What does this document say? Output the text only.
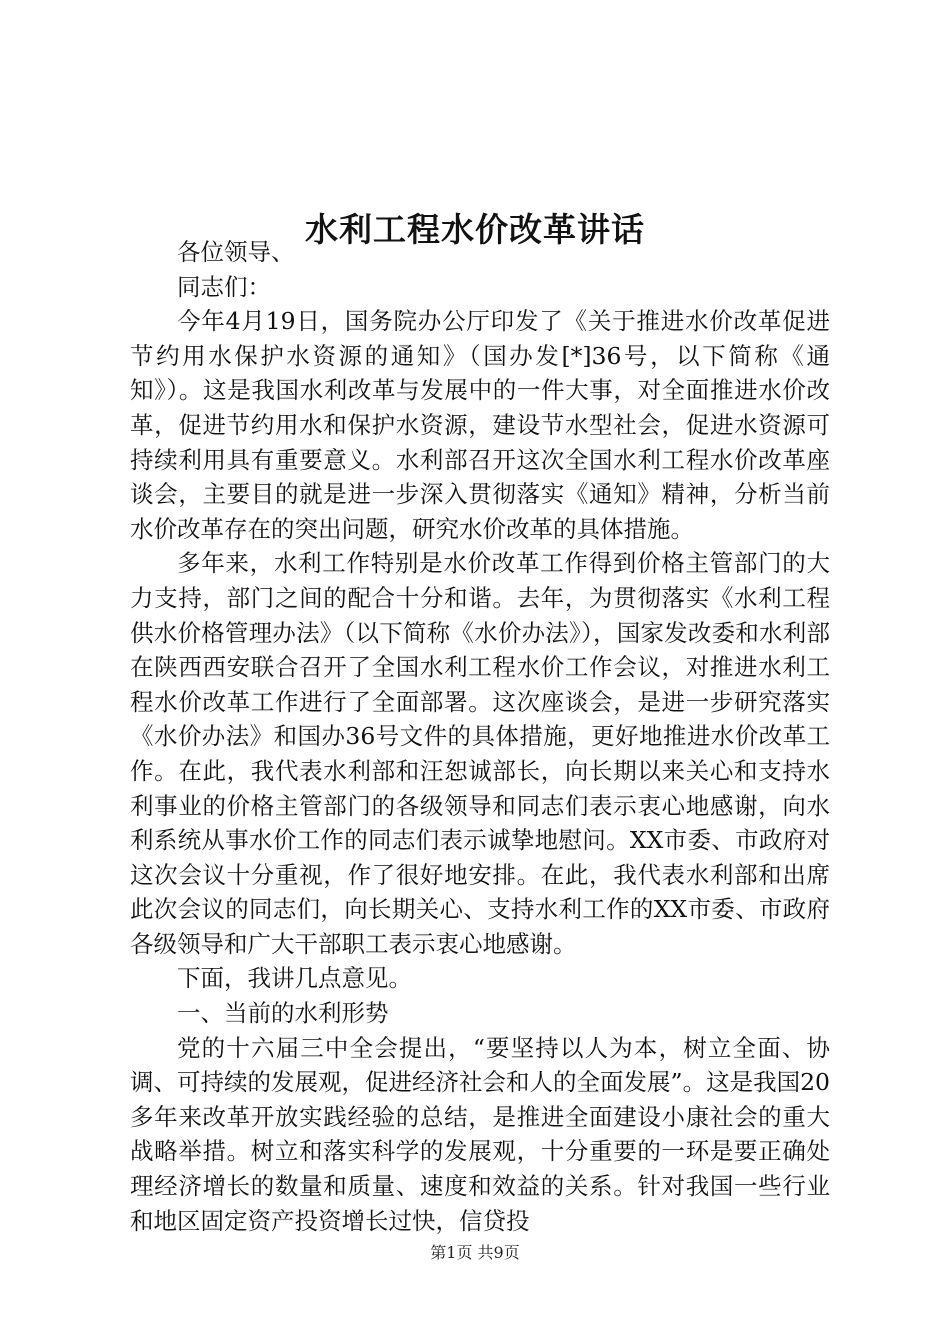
水利工程水价改革讲话

各位领导、

同志们：

今年4月19日，国务院办公厅印发了《关于推进水价改革促进节约用水保护水资源的通知》（国办发[*]36号，以下简称《通知》）。这是我国水利改革与发展中的一件大事，对全面推进水价改革，促进节约用水和保护水资源，建设节水型社会，促进水资源可持续利用具有重要意义。水利部召开这次全国水利工程水价改革座谈会，主要目的就是进一步深入贯彻落实《通知》精神，分析当前水价改革存在的突出问题，研究水价改革的具体措施。

多年来，水利工作特别是水价改革工作得到价格主管部门的大力支持，部门之间的配合十分和谐。去年，为贯彻落实《水利工程供水价格管理办法》（以下简称《水价办法》），国家发改委和水利部在陕西西安联合召开了全国水利工程水价工作会议，对推进水利工程水价改革工作进行了全面部署。这次座谈会，是进一步研究落实《水价办法》和国办36号文件的具体措施，更好地推进水价改革工作。在此，我代表水利部和汪恕诚部长，向长期以来关心和支持水利事业的价格主管部门的各级领导和同志们表示衷心地感谢，向水利系统从事水价工作的同志们表示诚挚地慰问。XX市委、市政府对这次会议十分重视，作了很好地安排。在此，我代表水利部和出席此次会议的同志们，向长期关心、支持水利工作的XX市委、市政府各级领导和广大干部职工表示衷心地感谢。

下面，我讲几点意见。

一、当前的水利形势

党的十六届三中全会提出，“要坚持以人为本，树立全面、协调、可持续的发展观，促进经济社会和人的全面发展”。这是我国20多年来改革开放实践经验的总结，是推进全面建设小康社会的重大战略举措。树立和落实科学的发展观，十分重要的一环是要正确处理经济增长的数量和质量、速度和效益的关系。针对我国一些行业和地区固定资产投资增长过快，信贷投

第1页 共9页
